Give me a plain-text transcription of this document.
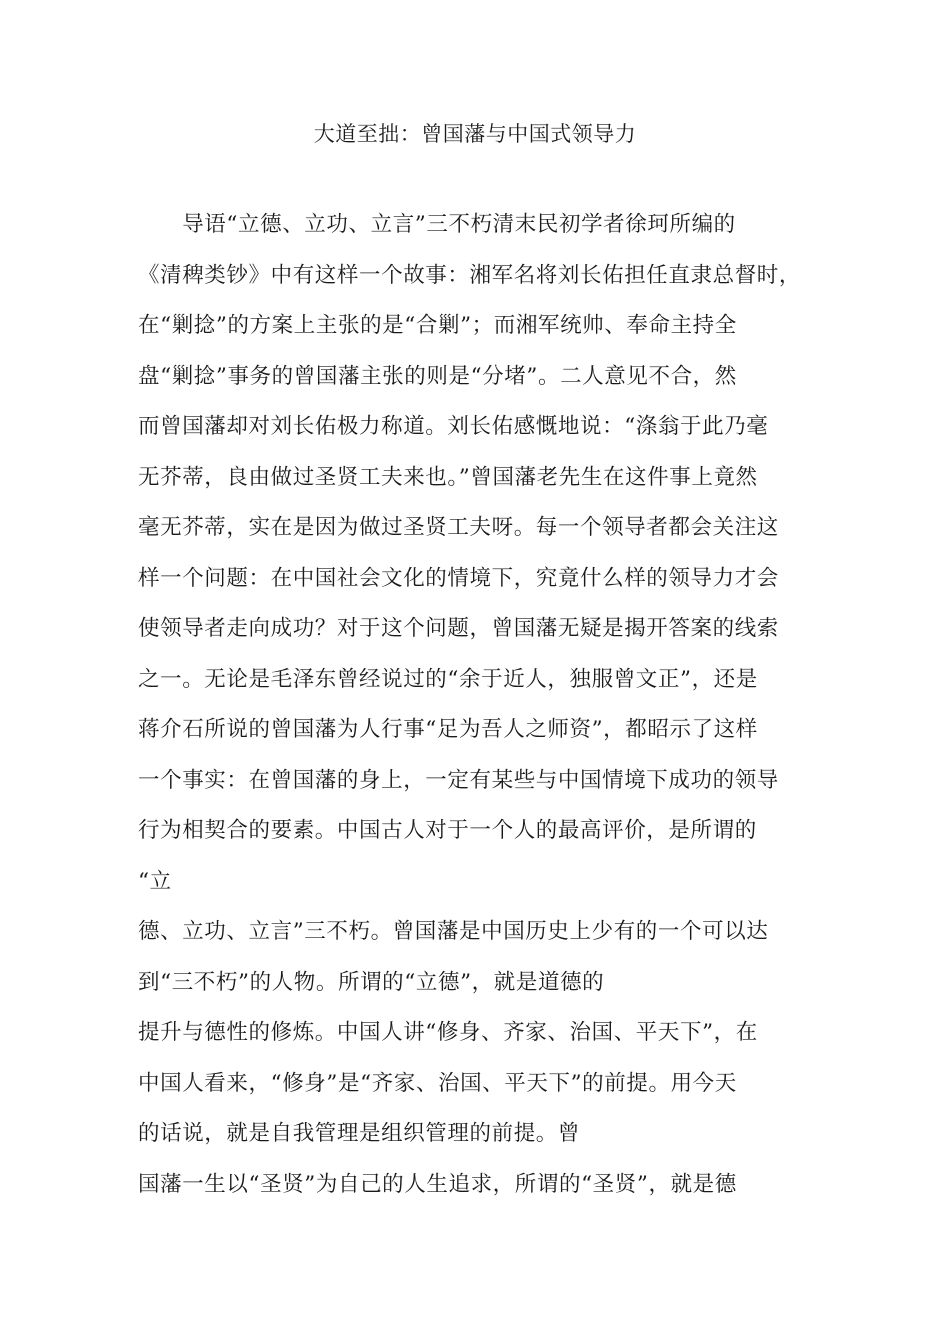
大道至拙：曾国藩与中国式领导力
　　导语“立德、立功、立言”三不朽清末民初学者徐珂所编的
《清稗类钞》中有这样一个故事：湘军名将刘长佑担任直隶总督时，
在“剿捻”的方案上主张的是“合剿”；而湘军统帅、奉命主持全
盘“剿捻”事务的曾国藩主张的则是“分堵”。二人意见不合，然
而曾国藩却对刘长佑极力称道。刘长佑感慨地说：“涤翁于此乃毫
无芥蒂，良由做过圣贤工夫来也。”曾国藩老先生在这件事上竟然
毫无芥蒂，实在是因为做过圣贤工夫呀。每一个领导者都会关注这
样一个问题：在中国社会文化的情境下，究竟什么样的领导力才会
使领导者走向成功？对于这个问题，曾国藩无疑是揭开答案的线索
之一。无论是毛泽东曾经说过的“余于近人，独服曾文正”，还是
蒋介石所说的曾国藩为人行事“足为吾人之师资”，都昭示了这样
一个事实：在曾国藩的身上，一定有某些与中国情境下成功的领导
行为相契合的要素。中国古人对于一个人的最高评价，是所谓的
“立
德、立功、立言”三不朽。曾国藩是中国历史上少有的一个可以达
到“三不朽”的人物。所谓的“立德”，就是道德的
提升与德性的修炼。中国人讲“修身、齐家、治国、平天下”，在
中国人看来，“修身”是“齐家、治国、平天下”的前提。用今天
的话说，就是自我管理是组织管理的前提。曾
国藩一生以“圣贤”为自己的人生追求，所谓的“圣贤”，就是德
